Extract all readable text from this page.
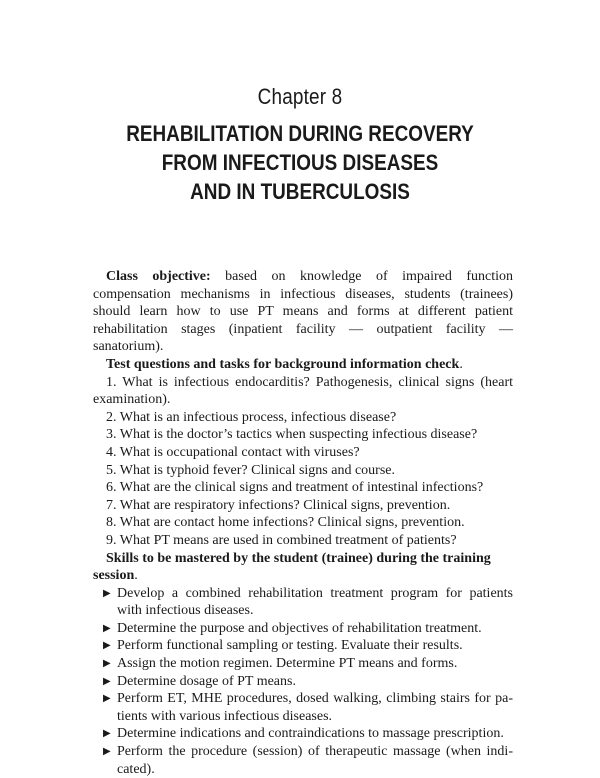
Chapter 8
REHABILITATION DURING RECOVERY
FROM INFECTIOUS DISEASES
AND IN TUBERCULOSIS

Class objective: based on knowledge of impaired function compensation mechanisms in infectious diseases, students (trainees) should learn how to use PT means and forms at different patient rehabilitation stages (inpatient facility — outpatient facility — sanatorium).

Test questions and tasks for background information check.

1. What is infectious endocarditis? Pathogenesis, clinical signs (heart examination).

2. What is an infectious process, infectious disease?

3. What is the doctor’s tactics when suspecting infectious disease?

4. What is occupational contact with viruses?

5. What is typhoid fever? Clinical signs and course.

6. What are the clinical signs and treatment of intestinal infections?

7. What are respiratory infections? Clinical signs, prevention.

8. What are contact home infections? Clinical signs, prevention.

9. What PT means are used in combined treatment of patients?

Skills to be mastered by the student (trainee) during the training session.

▶ Develop a combined rehabilitation treatment program for patients with infectious diseases.
▶ Determine the purpose and objectives of rehabilitation treatment.
▶ Perform functional sampling or testing. Evaluate their results.
▶ Assign the motion regimen. Determine PT means and forms.
▶ Determine dosage of PT means.
▶ Perform ET, MHE procedures, dosed walking, climbing stairs for patients with various infectious diseases.
▶ Determine indications and contraindications to massage prescription.
▶ Perform the procedure (session) of therapeutic massage (when indicated).
